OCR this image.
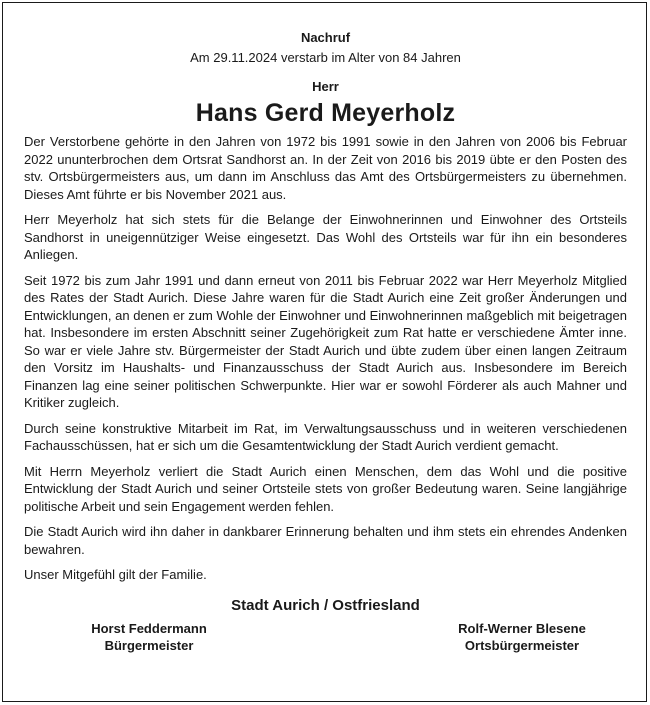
Nachruf
Am 29.11.2024 verstarb im Alter von 84 Jahren
Herr
Hans Gerd Meyerholz

Der Verstorbene gehörte in den Jahren von 1972 bis 1991 sowie in den Jahren von 2006 bis Februar 2022 ununterbrochen dem Ortsrat Sandhorst an. In der Zeit von 2016 bis 2019 übte er den Posten des stv. Ortsbürgermeisters aus, um dann im Anschluss das Amt des Ortsbürgermeisters zu übernehmen. Dieses Amt führte er bis November 2021 aus.

Herr Meyerholz hat sich stets für die Belange der Einwohnerinnen und Einwohner des Ortsteils Sandhorst in uneigennütziger Weise eingesetzt. Das Wohl des Ortsteils war für ihn ein besonderes Anliegen.

Seit 1972 bis zum Jahr 1991 und dann erneut von 2011 bis Februar 2022 war Herr Meyerholz Mitglied des Rates der Stadt Aurich. Diese Jahre waren für die Stadt Aurich eine Zeit großer Änderungen und Entwicklungen, an denen er zum Wohle der Einwohner und Einwohnerinnen maßgeblich mit beigetragen hat. Insbesondere im ersten Abschnitt seiner Zugehörigkeit zum Rat hatte er verschiedene Ämter inne. So war er viele Jahre stv. Bürgermeister der Stadt Aurich und übte zudem über einen langen Zeitraum den Vorsitz im Haushalts- und Finanzausschuss der Stadt Aurich aus. Insbesondere im Bereich Finanzen lag eine seiner politischen Schwerpunkte. Hier war er sowohl Förderer als auch Mahner und Kritiker zugleich.

Durch seine konstruktive Mitarbeit im Rat, im Verwaltungsausschuss und in weiteren verschiedenen Fachausschüssen, hat er sich um die Gesamtentwicklung der Stadt Aurich verdient gemacht.

Mit Herrn Meyerholz verliert die Stadt Aurich einen Menschen, dem das Wohl und die positive Entwicklung der Stadt Aurich und seiner Ortsteile stets von großer Bedeutung waren. Seine langjährige politische Arbeit und sein Engagement werden fehlen.

Die Stadt Aurich wird ihn daher in dankbarer Erinnerung behalten und ihm stets ein ehrendes Andenken bewahren.

Unser Mitgefühl gilt der Familie.

Stadt Aurich / Ostfriesland
Horst Feddermann
Bürgermeister
Rolf-Werner Blesene
Ortsbürgermeister
